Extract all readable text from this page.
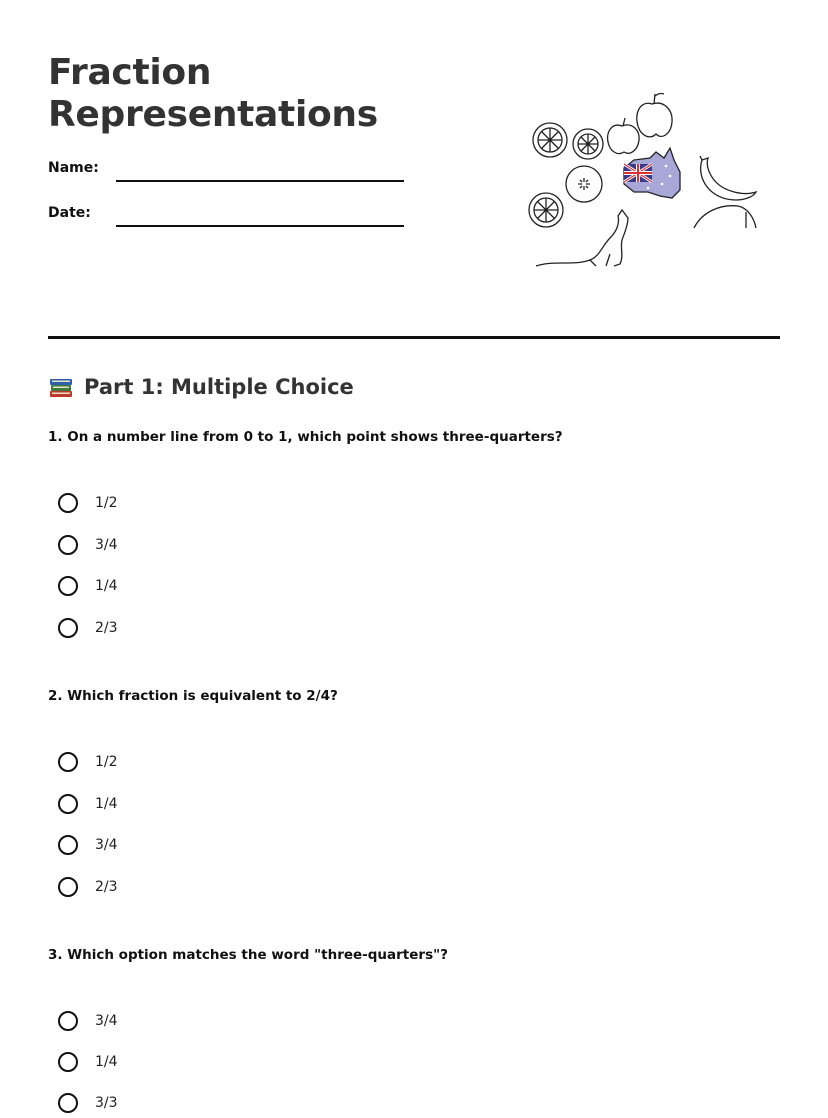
Fraction
Representations
Name:
Date:
Part 1: Multiple Choice

1. On a number line from 0 to 1, which point shows three-quarters?

1/2
3/4
1/4
2/3

2. Which fraction is equivalent to 2/4?

1/2
1/4
3/4
2/3

3. Which option matches the word "three-quarters"?

3/4
1/4
3/3
